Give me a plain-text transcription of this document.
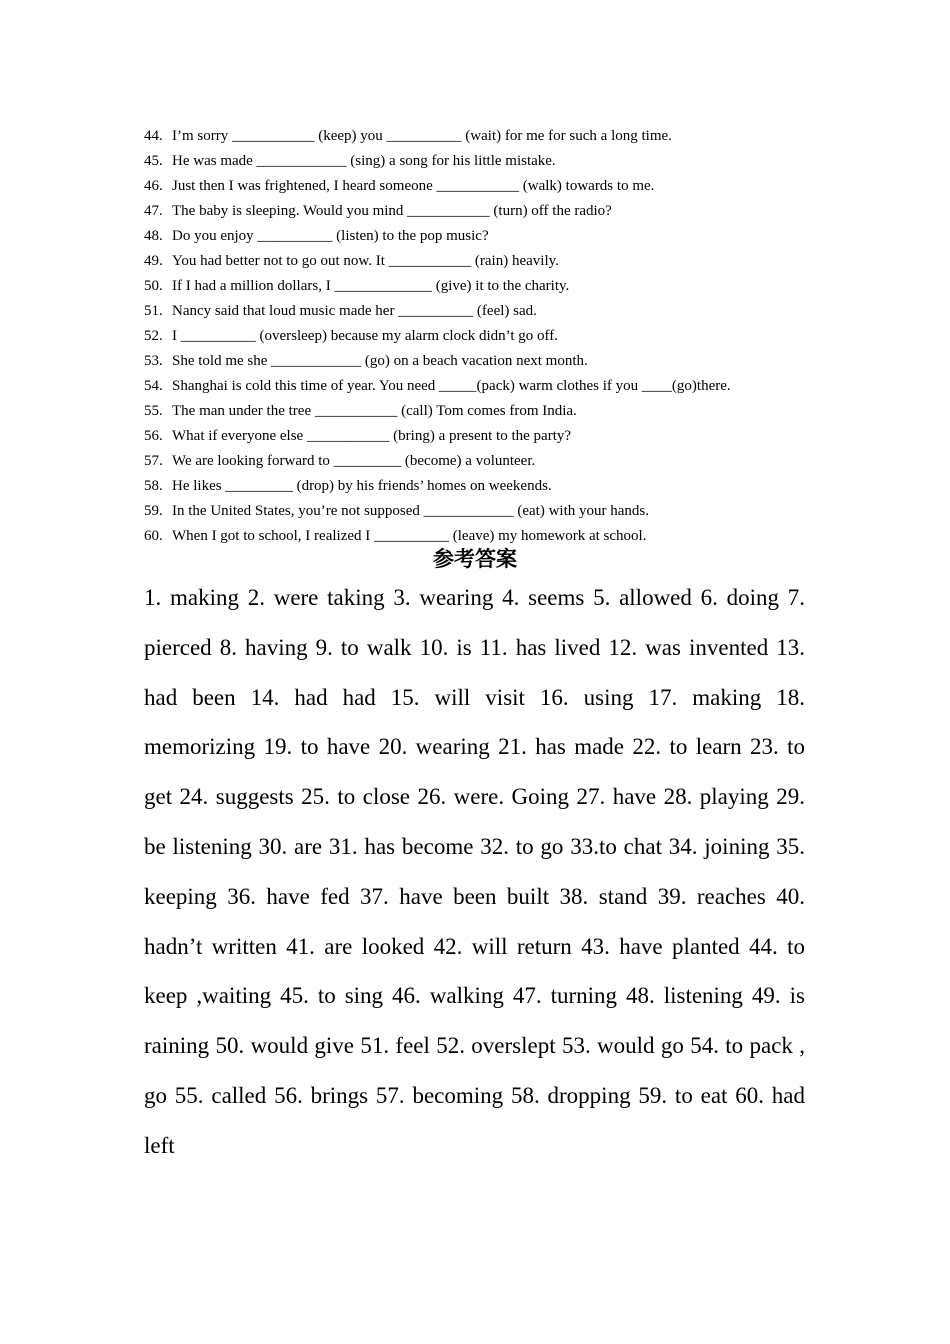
44. I’m sorry ___________ (keep) you __________ (wait) for me for such a long time.
45. He was made ____________ (sing) a song for his little mistake.
46. Just then I was frightened, I heard someone ___________ (walk) towards to me.
47. The baby is sleeping. Would you mind ___________ (turn) off the radio?
48. Do you enjoy __________ (listen) to the pop music?
49. You had better not to go out now. It ___________ (rain) heavily.
50. If I had a million dollars, I _____________ (give) it to the charity.
51. Nancy said that loud music made her __________ (feel) sad.
52. I __________ (oversleep) because my alarm clock didn’t go off.
53. She told me she ____________ (go) on a beach vacation next month.
54. Shanghai is cold this time of year. You need _____(pack) warm clothes if you ____(go)there.
55. The man under the tree ___________ (call) Tom comes from India.
56. What if everyone else ___________ (bring) a present to the party?
57. We are looking forward to _________ (become) a volunteer.
58. He likes _________ (drop) by his friends’ homes on weekends.
59. In the United States, you’re not supposed ____________ (eat) with your hands.
60. When I got to school, I realized I __________ (leave) my homework at school.
参考答案

1. making 2. were taking 3. wearing 4. seems 5. allowed 6. doing 7. pierced 8. having 9. to walk 10. is 11. has lived 12. was invented 13. had been 14. had had 15. will visit 16. using 17. making 18. memorizing 19. to have 20. wearing 21. has made 22. to learn 23. to get 24. suggests 25. to close 26. were. Going 27. have 28. playing 29. be listening 30. are 31. has become 32. to go 33.to chat 34. joining 35. keeping 36. have fed 37. have been built 38. stand 39. reaches 40. hadn’t written 41. are looked 42. will return 43. have planted 44. to keep ,waiting 45. to sing 46. walking 47. turning 48. listening 49. is raining 50. would give 51. feel 52. overslept 53. would go 54. to pack , go 55. called 56. brings 57. becoming 58. dropping 59. to eat 60. had left
